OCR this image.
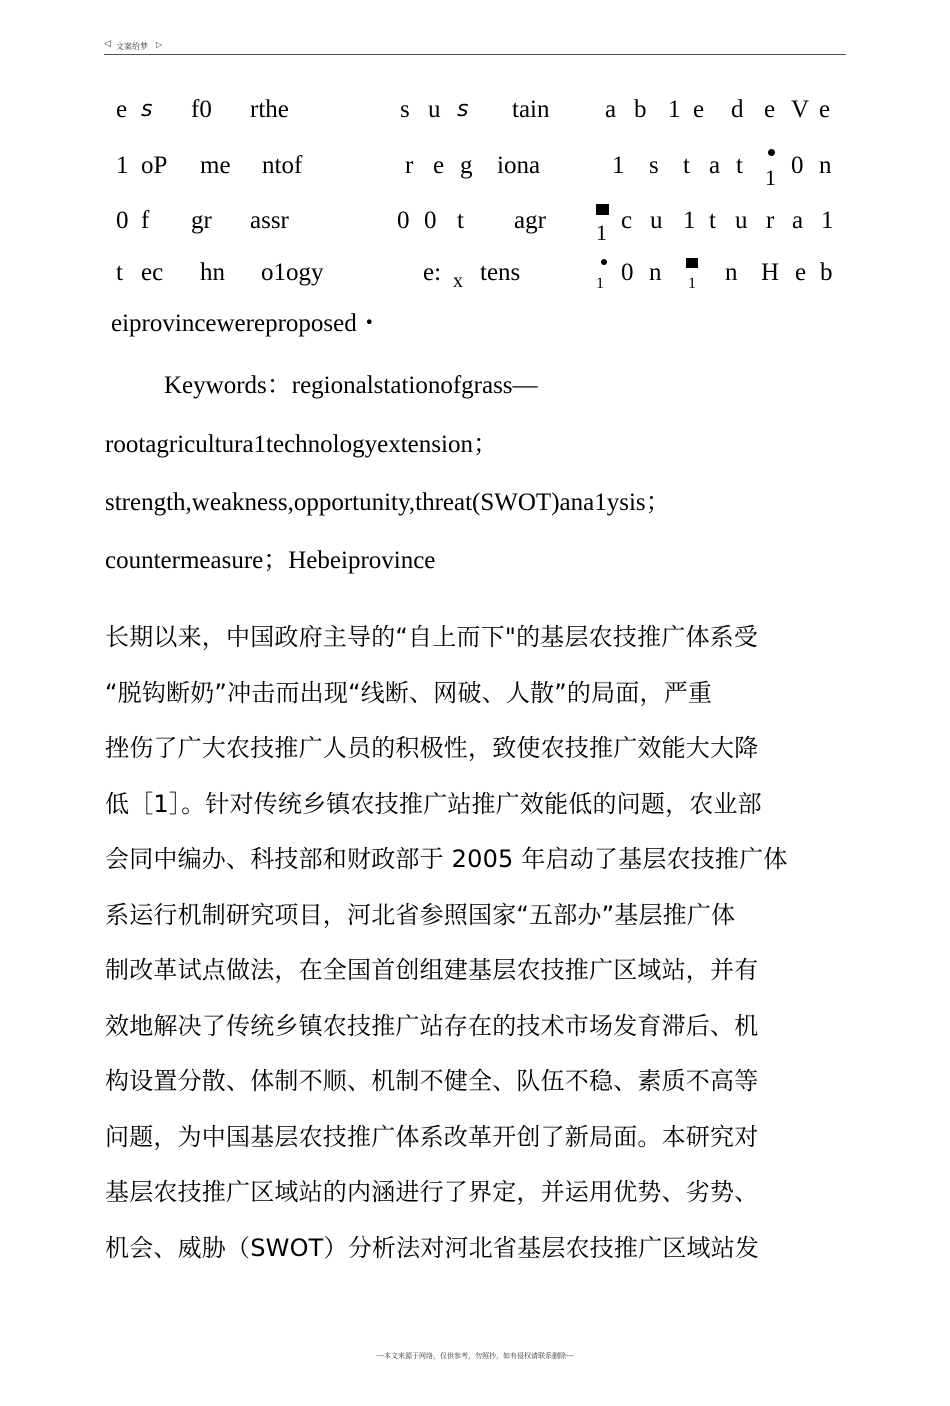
◁ 文案给梦 ▷
e s f0 rthe	s u s tain a b 1 e d e V e
1 oP me ntof	r e g iona	1 s t a t 1 0 n
0 f gr assr	0 0 t agr 1 c u 1 t u r a 1
t ec hn o1ogy	e: x tens	1 0 n 1 n H e b
eiprovincewereproposed・
Keywords：regionalstationofgrass—
rootagricultura1technologyextension；
strength,weakness,opportunity,threat(SWOT)ana1ysis；
countermeasure；Hebeiprovince
长期以来，中国政府主导的“自上而下"的基层农技推广体系受
“脱钩断奶”冲击而出现“线断、网破、人散”的局面，严重
挫伤了广大农技推广人员的积极性，致使农技推广效能大大降
低［1］。针对传统乡镇农技推广站推广效能低的问题，农业部
会同中编办、科技部和财政部于 2005 年启动了基层农技推广体
系运行机制研究项目，河北省参照国家“五部办”基层推广体
制改革试点做法，在全国首创组建基层农技推广区域站，并有
效地解决了传统乡镇农技推广站存在的技术市场发育滞后、机
构设置分散、体制不顺、机制不健全、队伍不稳、素质不高等
问题，为中国基层农技推广体系改革开创了新局面。本研究对
基层农技推广区域站的内涵进行了界定，并运用优势、劣势、
机会、威胁（SWOT）分析法对河北省基层农技推广区域站发
---本文来源于网络，仅供参考，勿照抄，如有侵权请联系删除---
